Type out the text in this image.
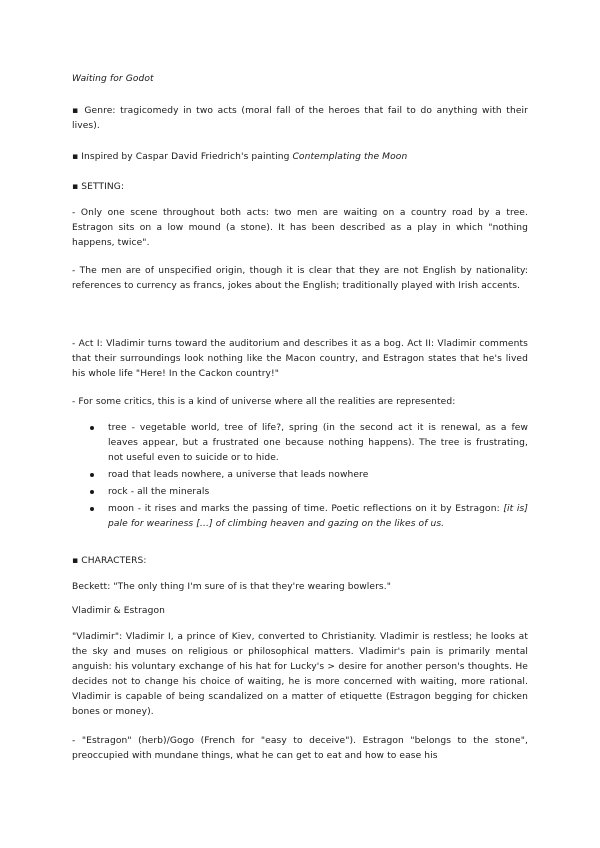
Waiting for Godot

▪ Genre: tragicomedy in two acts (moral fall of the heroes that fail to do anything with their lives).

▪ Inspired by Caspar David Friedrich's painting Contemplating the Moon

▪ SETTING:

- Only one scene throughout both acts: two men are waiting on a country road by a tree. Estragon sits on a low mound (a stone). It has been described as a play in which "nothing happens, twice".

- The men are of unspecified origin, though it is clear that they are not English by nationality: references to currency as francs, jokes about the English; traditionally played with Irish accents.

- Act I: Vladimir turns toward the auditorium and describes it as a bog. Act II: Vladimir comments that their surroundings look nothing like the Macon country, and Estragon states that he's lived his whole life "Here! In the Cackon country!"

- For some critics, this is a kind of universe where all the realities are represented:

tree - vegetable world, tree of life?, spring (in the second act it is renewal, as a few leaves appear, but a frustrated one because nothing happens). The tree is frustrating, not useful even to suicide or to hide.
road that leads nowhere, a universe that leads nowhere
rock - all the minerals
moon - it rises and marks the passing of time. Poetic reflections on it by Estragon: [it is] pale for weariness […] of climbing heaven and gazing on the likes of us.

▪ CHARACTERS:

Beckett: "The only thing I'm sure of is that they're wearing bowlers."

Vladimir & Estragon

"Vladimir": Vladimir I, a prince of Kiev, converted to Christianity. Vladimir is restless; he looks at the sky and muses on religious or philosophical matters. Vladimir's pain is primarily mental anguish: his voluntary exchange of his hat for Lucky's > desire for another person's thoughts. He decides not to change his choice of waiting, he is more concerned with waiting, more rational. Vladimir is capable of being scandalized on a matter of etiquette (Estragon begging for chicken bones or money).

- "Estragon" (herb)/Gogo (French for "easy to deceive"). Estragon "belongs to the stone", preoccupied with mundane things, what he can get to eat and how to ease his
